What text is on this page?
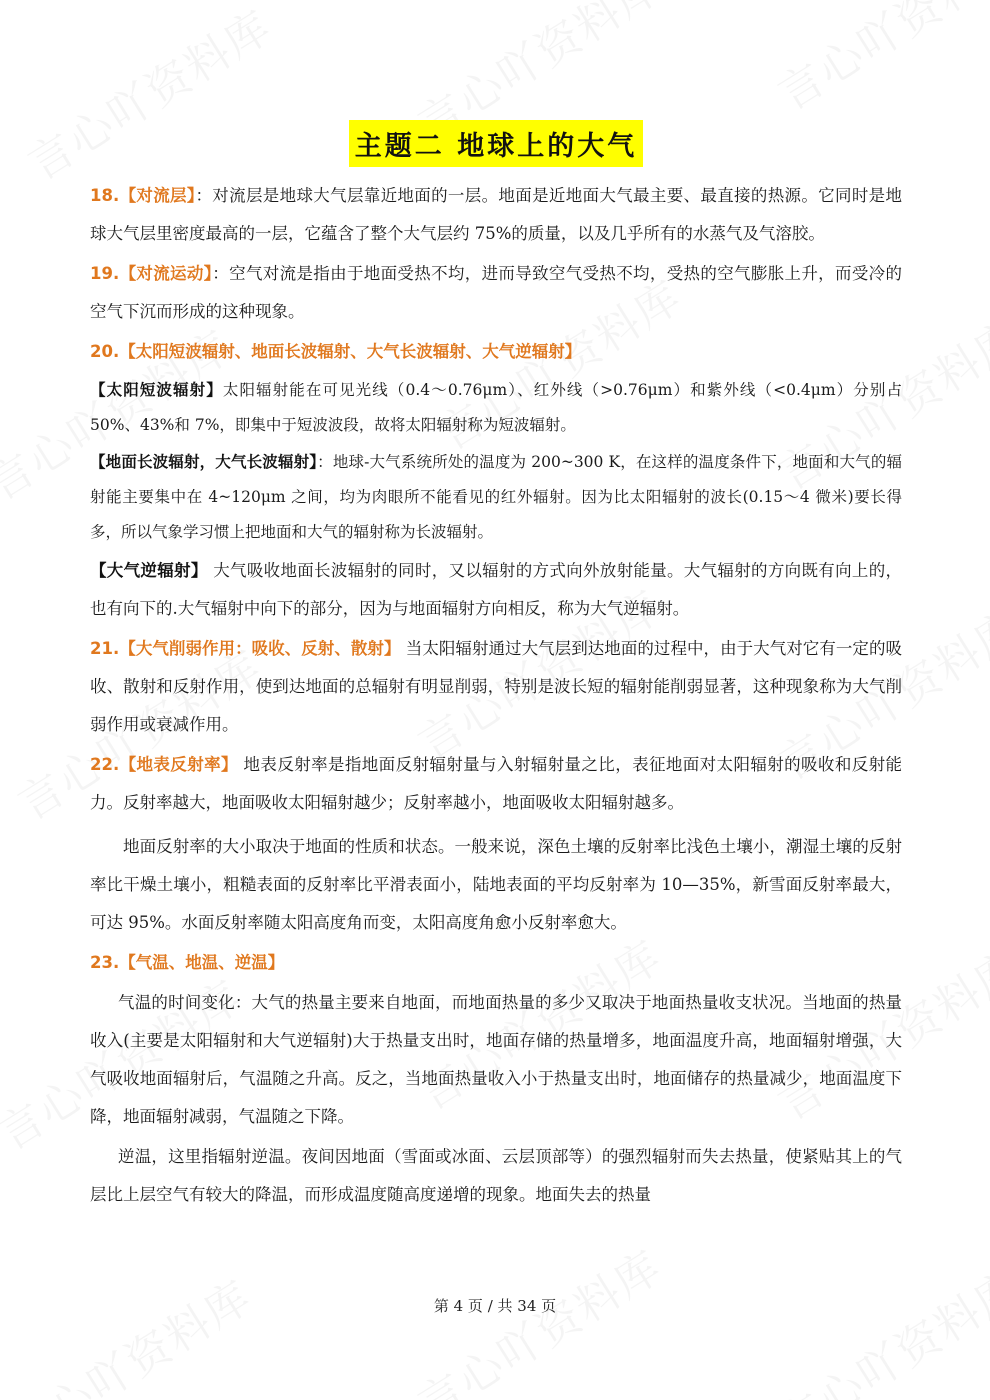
主题二 地球上的大气

18.【对流层】：对流层是地球大气层靠近地面的一层。地面是近地面大气最主要、最直接的热源。它同时是地球大气层里密度最高的一层，它蕴含了整个大气层约 75%的质量，以及几乎所有的水蒸气及气溶胶。

19.【对流运动】：空气对流是指由于地面受热不均，进而导致空气受热不均，受热的空气膨胀上升，而受冷的空气下沉而形成的这种现象。

20.【太阳短波辐射、地面长波辐射、大气长波辐射、大气逆辐射】

【太阳短波辐射】太阳辐射能在可见光线（0.4～0.76μm）、红外线（>0.76μm）和紫外线（<0.4μm）分别占 50%、43%和 7%，即集中于短波波段，故将太阳辐射称为短波辐射。

【地面长波辐射，大气长波辐射】：地球-大气系统所处的温度为 200~300 K，在这样的温度条件下，地面和大气的辐射能主要集中在 4~120μm 之间，均为肉眼所不能看见的红外辐射。因为比太阳辐射的波长(0.15～4 微米)要长得多，所以气象学习惯上把地面和大气的辐射称为长波辐射。

【大气逆辐射】 大气吸收地面长波辐射的同时，又以辐射的方式向外放射能量。大气辐射的方向既有向上的，也有向下的.大气辐射中向下的部分，因为与地面辐射方向相反，称为大气逆辐射。

21.【大气削弱作用：吸收、反射、散射】 当太阳辐射通过大气层到达地面的过程中，由于大气对它有一定的吸收、散射和反射作用，使到达地面的总辐射有明显削弱，特别是波长短的辐射能削弱显著，这种现象称为大气削弱作用或衰减作用。

22.【地表反射率】 地表反射率是指地面反射辐射量与入射辐射量之比，表征地面对太阳辐射的吸收和反射能力。反射率越大，地面吸收太阳辐射越少；反射率越小，地面吸收太阳辐射越多。

地面反射率的大小取决于地面的性质和状态。一般来说，深色土壤的反射率比浅色土壤小，潮湿土壤的反射率比干燥土壤小，粗糙表面的反射率比平滑表面小，陆地表面的平均反射率为 10—35%，新雪面反射率最大，可达 95%。水面反射率随太阳高度角而变，太阳高度角愈小反射率愈大。

23.【气温、地温、逆温】

气温的时间变化：大气的热量主要来自地面，而地面热量的多少又取决于地面热量收支状况。当地面的热量收入(主要是太阳辐射和大气逆辐射)大于热量支出时，地面存储的热量增多，地面温度升高，地面辐射增强，大气吸收地面辐射后，气温随之升高。反之，当地面热量收入小于热量支出时，地面储存的热量减少，地面温度下降，地面辐射减弱，气温随之下降。

逆温，这里指辐射逆温。夜间因地面（雪面或冰面、云层顶部等）的强烈辐射而失去热量，使紧贴其上的气层比上层空气有较大的降温，而形成温度随高度递增的现象。地面失去的热量

第 4 页 / 共 34 页
